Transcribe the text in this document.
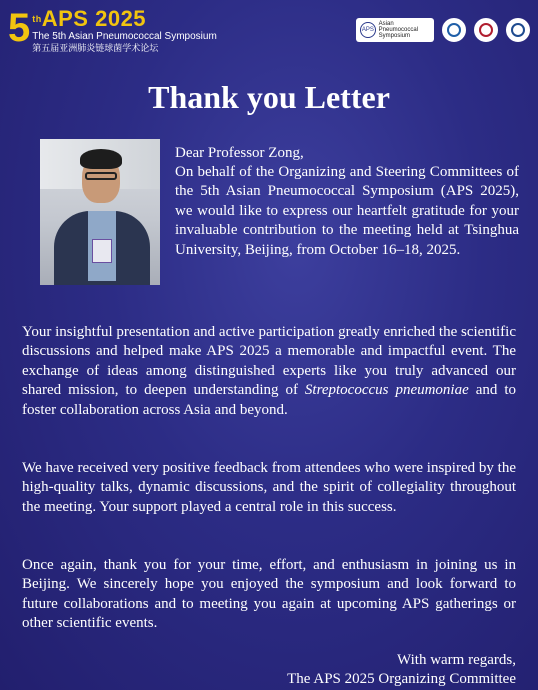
5 $^{th}$APS 2025
The 5th Asian Pneumococcal Symposium
第五届亚洲肺炎链球菌学术论坛
APS
Asian Pneumococcal Symposium
Thank you Letter
Dear Professor Zong,
On behalf of the Organizing and Steering Committees of the 5th Asian Pneumococcal Symposium (APS 2025), we would like to express our heartfelt gratitude for your invaluable contribution to the meeting held at Tsinghua University, Beijing, from October 16–18, 2025.
Your insightful presentation and active participation greatly enriched the scientific discussions and helped make APS 2025 a memorable and impactful event. The exchange of ideas among distinguished experts like you truly advanced our shared mission, to deepen understanding of Streptococcus pneumoniae and to foster collaboration across Asia and beyond.
We have received very positive feedback from attendees who were inspired by the high-quality talks, dynamic discussions, and the spirit of collegiality throughout the meeting. Your support played a central role in this success.
Once again, thank you for your time, effort, and enthusiasm in joining us in Beijing. We sincerely hope you enjoyed the symposium and look forward to future collaborations and to meeting you again at upcoming APS gatherings or other scientific events.
With warm regards,
The APS 2025 Organizing Committee
